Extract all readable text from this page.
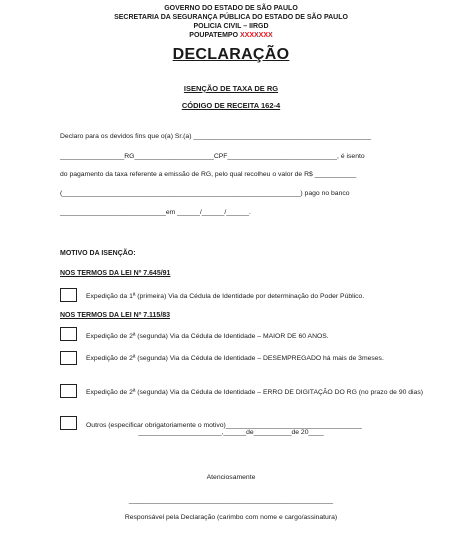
GOVERNO DO ESTADO DE SÃO PAULO
SECRETARIA DA SEGURANÇA PÚBLICA DO ESTADO DE SÃO PAULO
POLICIA CIVIL – IIRGD
POUPATEMPO XXXXXXX
DECLARAÇÃO
ISENÇÃO DE TAXA DE RG
CÓDIGO DE RECEITA 162-4
Declaro para os devidos fins que o(a) Sr.(a) _______________________________________________
_________________RG_____________________CPF_____________________________, é isento
do pagamento da taxa referente a emissão de RG, pelo qual recolheu o valor de R$ ___________
(_______________________________________________________________) pago no banco
____________________________em ______/______/______.
MOTIVO DA ISENÇÃO:
NOS TERMOS DA LEI Nº 7.645/91
Expedição da 1ª (primeira) Via da Cédula de Identidade por determinação do Poder Público.
NOS TERMOS DA LEI Nº 7.115/83
Expedição de 2ª (segunda) Via da Cédula de Identidade – MAIOR DE 60 ANOS.
Expedição de 2ª (segunda) Via da Cédula de Identidade – DESEMPREGADO há mais de 3meses.
Expedição de 2ª (segunda) Via da Cédula de Identidade – ERRO DE DIGITAÇÃO DO RG (no prazo de 90 dias)
Outros (especificar obrigatoriamente o motivo)____________________________________
______________________,______de__________de 20____
Atenciosamente
______________________________________________________
Responsável pela Declaração (carimbo com nome e cargo/assinatura)
